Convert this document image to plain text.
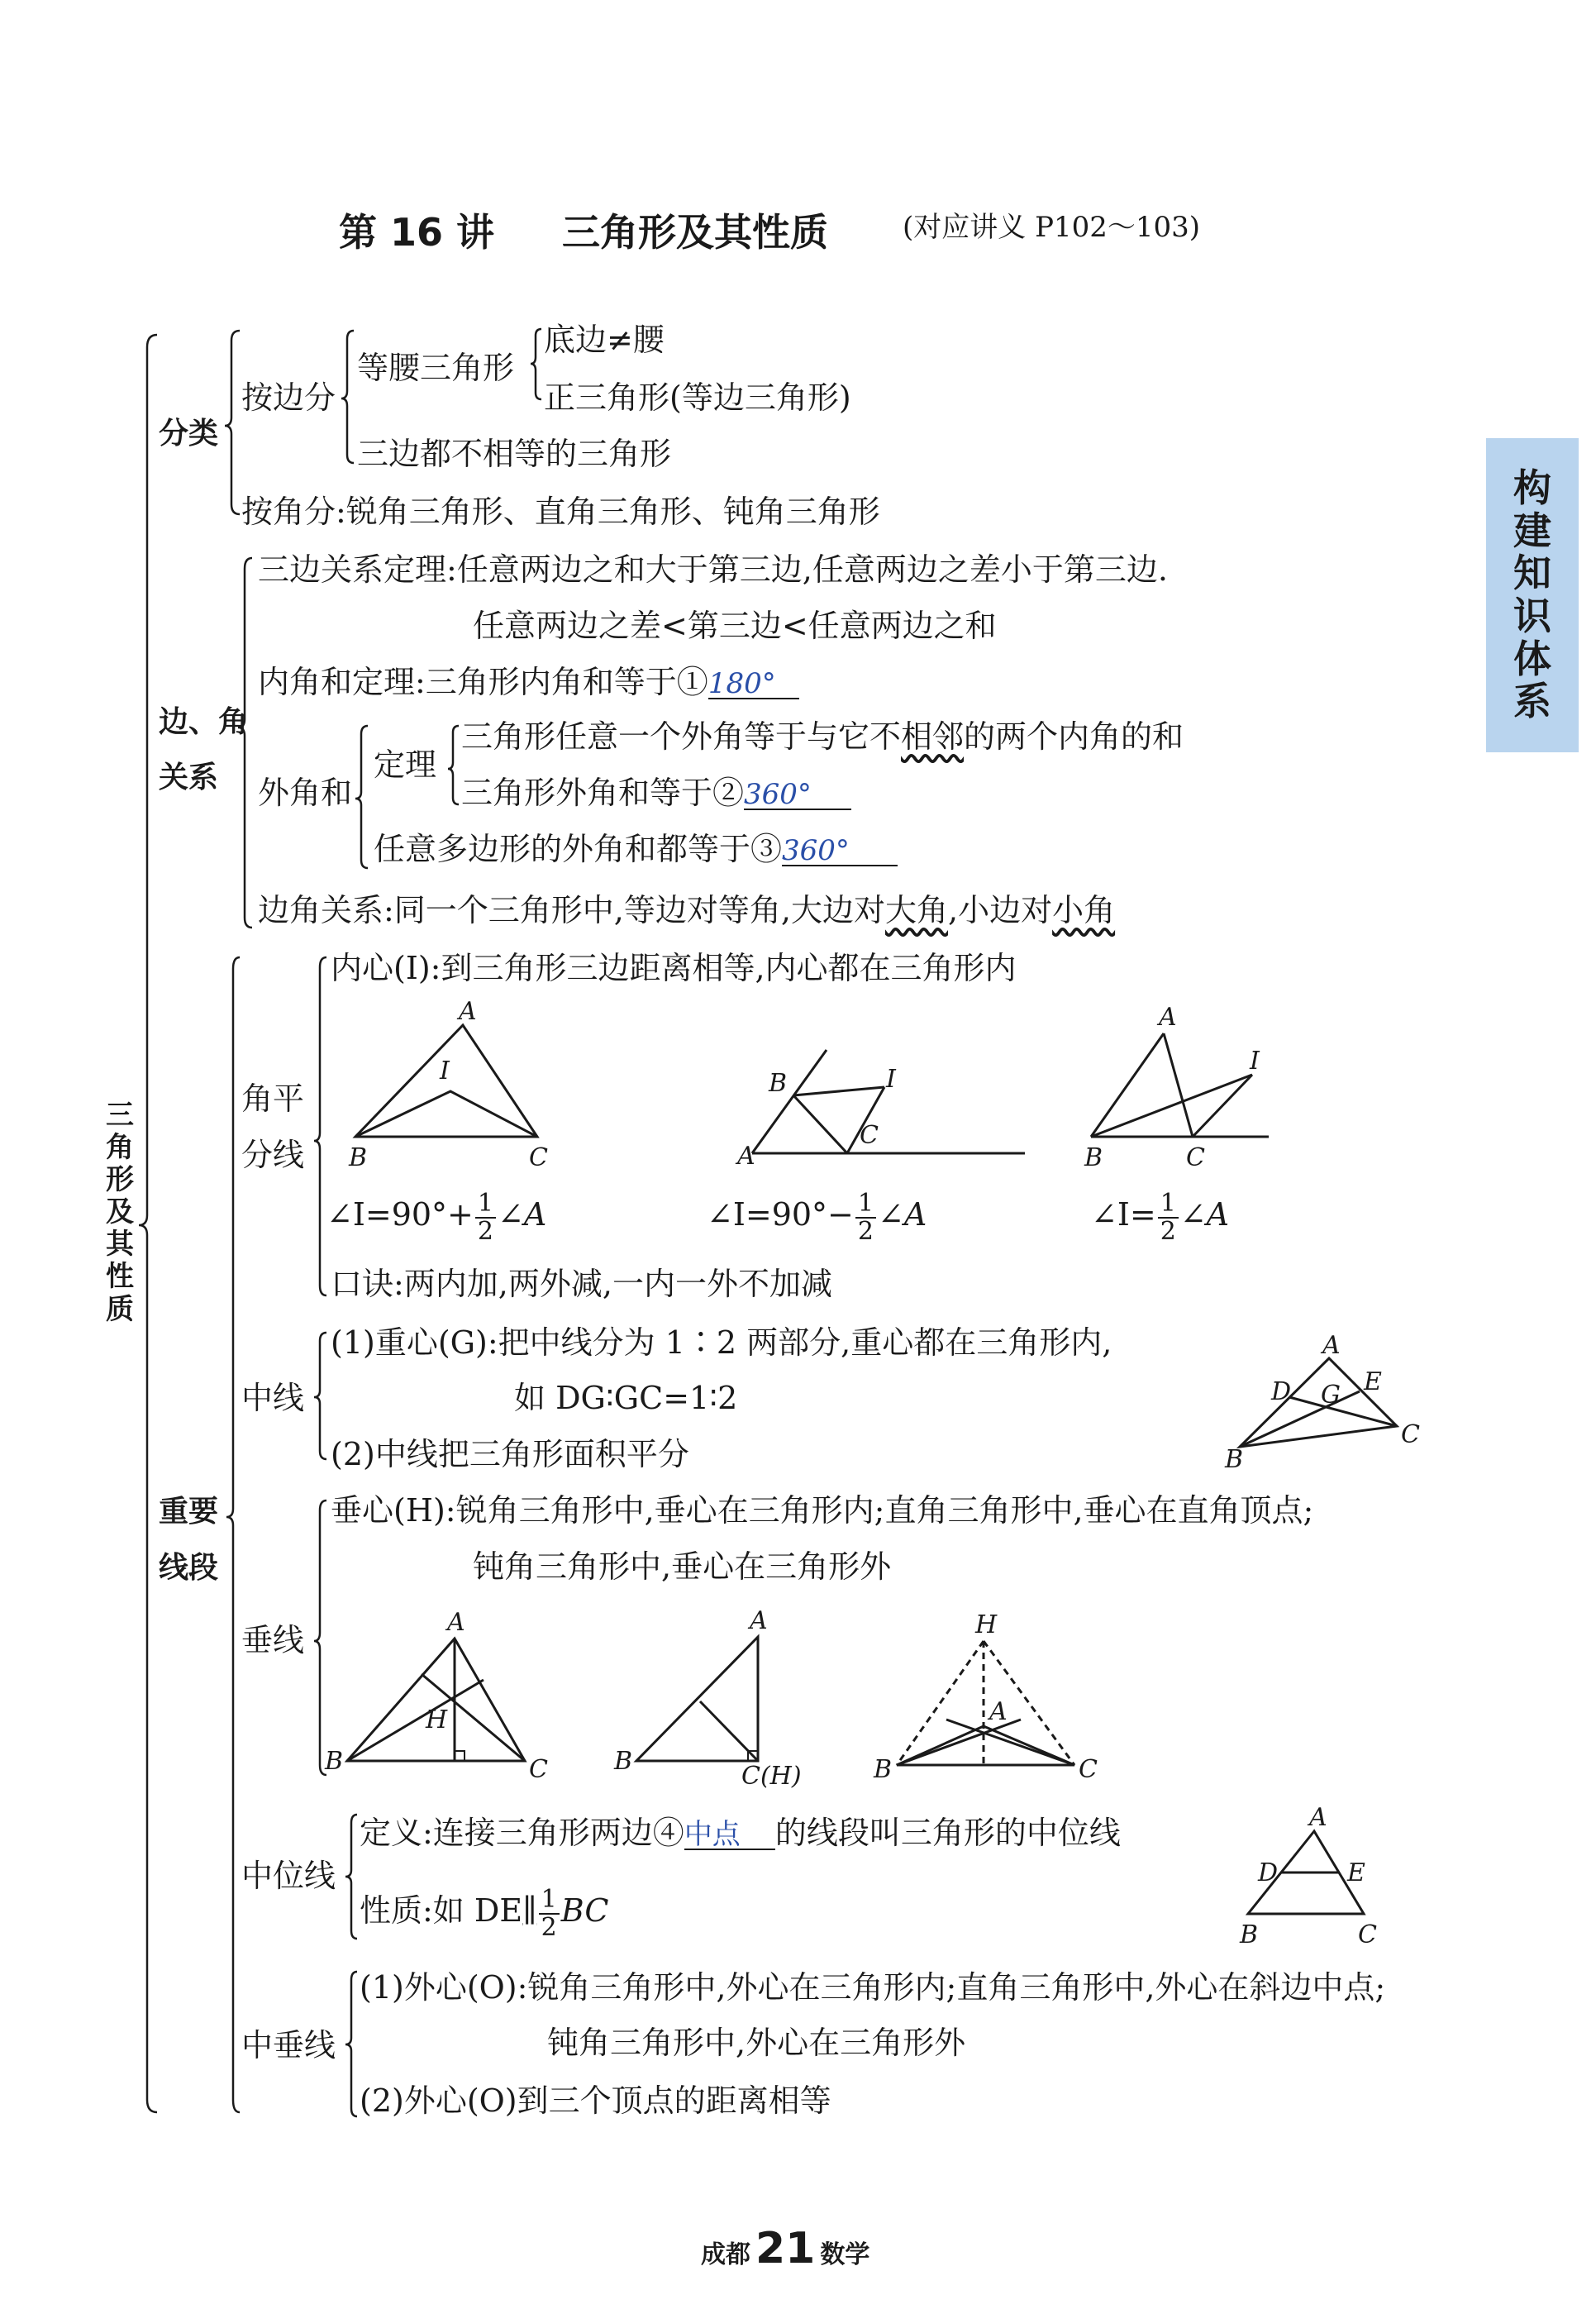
第 16 讲 三角形及其性质	(对应讲义 P102～103)
构
建
知
识
体
系
三
角
形
及
其
性
质
分类
按边分
等腰三角形
底边≠腰
正三角形(等边三角形)
三边都不相等的三角形
按角分:锐角三角形、直角三角形、钝角三角形
边、角
关系
三边关系定理:任意两边之和大于第三边,任意两边之差小于第三边.
任意两边之差<第三边<任意两边之和
内角和定理:三角形内角和等于①180°
外角和
定理
三角形任意一个外角等于与它不相邻的两个内角的和
三角形外角和等于②360°
任意多边形的外角和都等于③360°
边角关系:同一个三角形中,等边对等角,大边对大角,小边对小角
重要
线段
角平
分线
内心(I):到三角形三边距离相等,内心都在三角形内
A
I
B	C	A
B
C
I
A
I
B	C
∠I=90°+ $\frac{1}{2}$ ∠A	∠I=90°− $\frac{1}{2}$ ∠A	∠I= $\frac{1}{2}$ ∠A
口诀:两内加,两外减,一内一外不加减
中线
(1)重心(G):把中线分为 1∶2 两部分,重心都在三角形内,
如 DG∶GC=1∶2
(2)中线把三角形面积平分
A
D G E
B
C
垂线
垂心(H):锐角三角形中,垂心在三角形内;直角三角形中,垂心在直角顶点;
钝角三角形中,垂心在三角形外
A
B	C
H
A
B
C(H)
H
A
B	C
中位线
定义:连接三角形两边④中点 的线段叫三角形的中位线
性质:如 DE∥ $\frac{1}{2}$ BC
A
D	E
B	C
中垂线
(1)外心(O):锐角三角形中,外心在三角形内;直角三角形中,外心在斜边中点;
钝角三角形中,外心在三角形外
(2)外心(O)到三个顶点的距离相等
成都 21 数学
